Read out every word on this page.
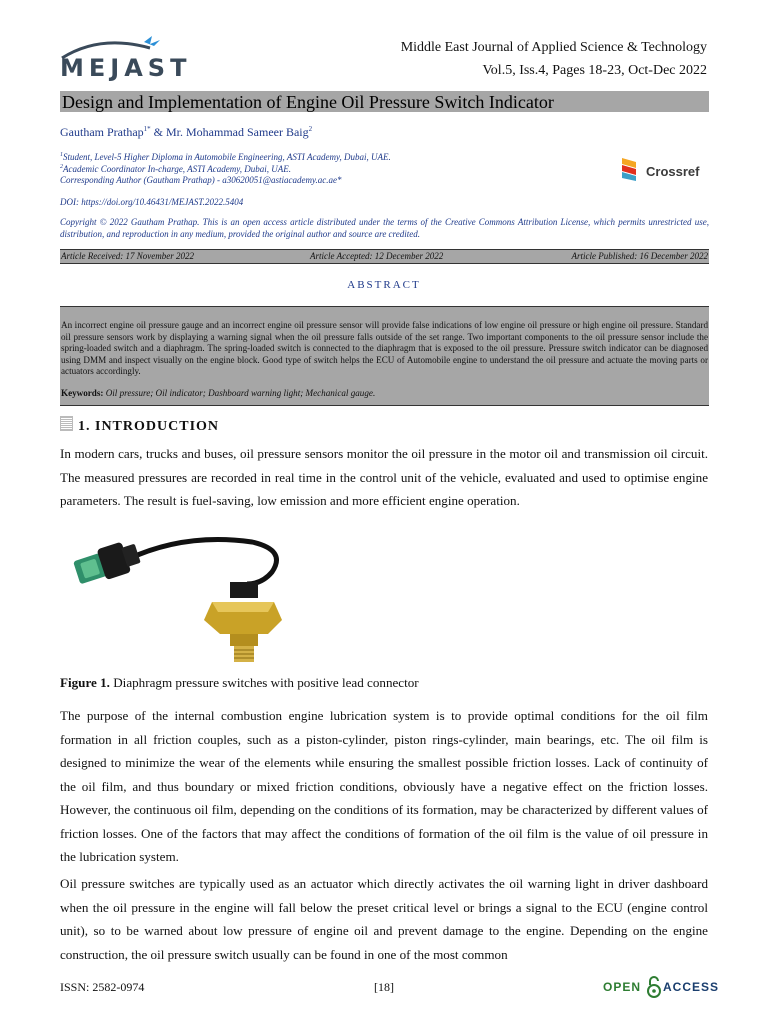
MEJAST
Middle East Journal of Applied Science & Technology
Vol.5, Iss.4, Pages 18-23, Oct-Dec 2022
Design and Implementation of Engine Oil Pressure Switch Indicator
Gautham Prathap$^{1*}$ & Mr. Mohammad Sameer Baig$^2$
$^1$Student, Level-5 Higher Diploma in Automobile Engineering, ASTI Academy, Dubai, UAE.
$^2$Academic Coordinator In-charge, ASTI Academy, Dubai, UAE.
Corresponding Author (Gautham Prathap) - a30620051@astiacademy.ac.ae*
Crossref
DOI: https://doi.org/10.46431/MEJAST.2022.5404
Copyright © 2022 Gautham Prathap. This is an open access article distributed under the terms of the Creative Commons Attribution License, which permits unrestricted use, distribution, and reproduction in any medium, provided the original author and source are credited.
Article Received: 17 November 2022	Article Accepted: 12 December 2022	Article Published: 16 December 2022
ABSTRACT
An incorrect engine oil pressure gauge and an incorrect engine oil pressure sensor will provide false indications of low engine oil pressure or high engine oil pressure. Standard oil pressure sensors work by displaying a warning signal when the oil pressure falls outside of the set range. Two important components to the oil pressure sensor include the spring-loaded switch and a diaphragm. The spring-loaded switch is connected to the diaphragm that is exposed to the oil pressure. Pressure switch indicator can be diagnosed using DMM and inspect visually on the engine block. Good type of switch helps the ECU of Automobile engine to understand the oil pressure and actuate the moving parts or actuators accordingly.
Keywords: Oil pressure; Oil indicator; Dashboard warning light; Mechanical gauge.
1. INTRODUCTION
In modern cars, trucks and buses, oil pressure sensors monitor the oil pressure in the motor oil and transmission oil circuit. The measured pressures are recorded in real time in the control unit of the vehicle, evaluated and used to optimise engine parameters. The result is fuel-saving, low emission and more efficient engine operation.
Figure 1. Diaphragm pressure switches with positive lead connector
The purpose of the internal combustion engine lubrication system is to provide optimal conditions for the oil film formation in all friction couples, such as a piston-cylinder, piston rings-cylinder, main bearings, etc. The oil film is designed to minimize the wear of the elements while ensuring the smallest possible friction losses. Lack of continuity of the oil film, and thus boundary or mixed friction conditions, obviously have a negative effect on the friction losses. However, the continuous oil film, depending on the conditions of its formation, may be characterized by different values of friction losses. One of the factors that may affect the conditions of formation of the oil film is the value of oil pressure in the lubrication system.
Oil pressure switches are typically used as an actuator which directly activates the oil warning light in driver dashboard when the oil pressure in the engine will fall below the preset critical level or brings a signal to the ECU (engine control unit), so to be warned about low pressure of engine oil and prevent damage to the engine. Depending on the engine construction, the oil pressure switch usually can be found in one of the most common
ISSN: 2582-0974	[18]	OPEN ACCESS
